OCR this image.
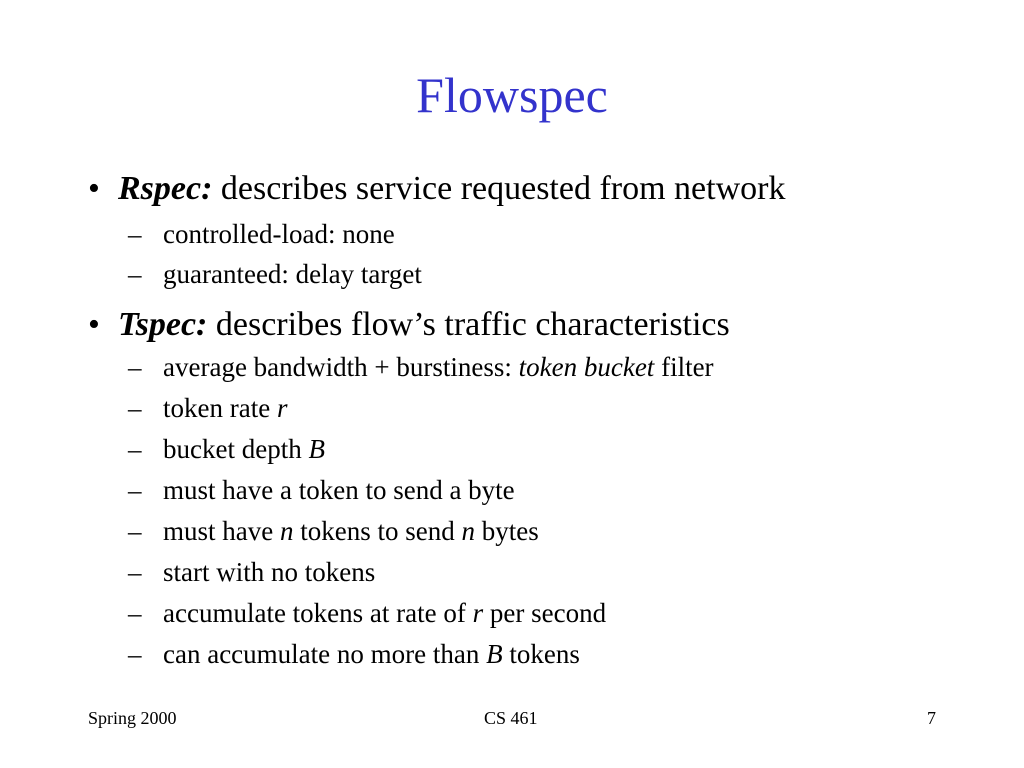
Flowspec
• Rspec: describes service requested from network
– controlled-load: none
– guaranteed: delay target
• Tspec: describes flow’s traffic characteristics
– average bandwidth + burstiness: token bucket filter
– token rate r
– bucket depth B
– must have a token to send a byte
– must have n tokens to send n bytes
– start with no tokens
– accumulate tokens at rate of r per second
– can accumulate no more than B tokens
Spring 2000	CS 461	7
